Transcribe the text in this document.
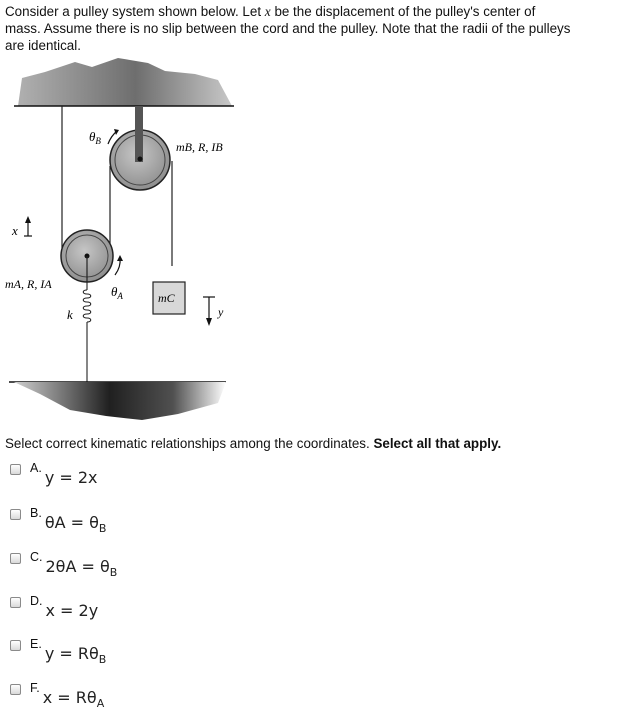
Consider a pulley system shown below. Let x be the displacement of the pulley's center of
mass. Assume there is no slip between the cord and the pulley. Note that the radii of the pulleys
are identical.
$\theta_B$	mB, R, IB
x
mA, R, IA	$\theta_A$
k
mC
y
Select correct kinematic relationships among the coordinates. Select all that apply.
A. y = 2x
B. $\theta A = \theta_B$
C. $2\theta A = \theta_B$
D. x = 2y
E. $y = R\theta_B$
F. $x = R\theta_A$
